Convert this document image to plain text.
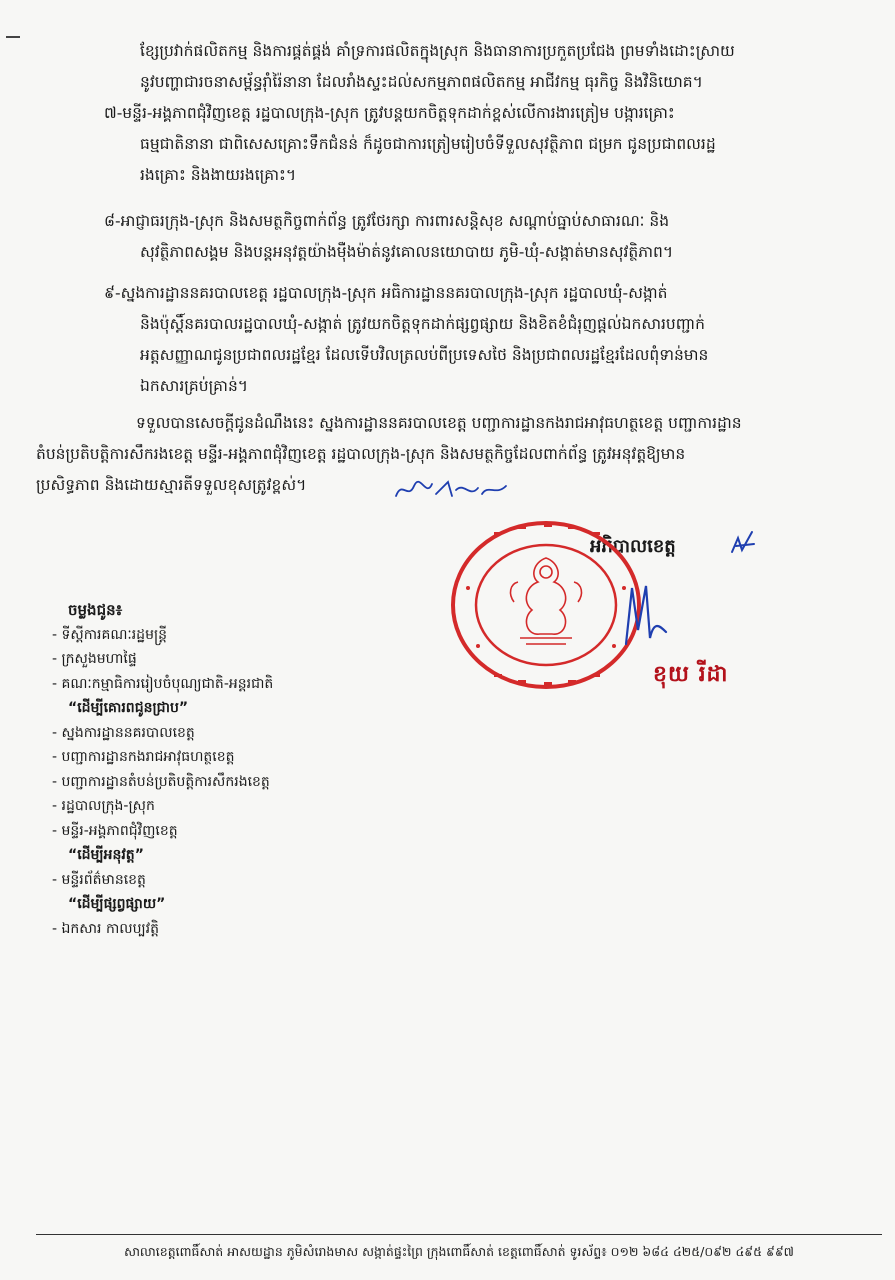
ខ្សែប្រវាក់ផលិតកម្ម និងការផ្គត់ផ្គង់ គាំទ្រការផលិតក្នុងស្រុក និងធានាការប្រកួតប្រជែង ព្រមទាំងដោះស្រាយ
នូវបញ្ហាជារចនាសម្ព័ន្ធរ៉ាំរ៉ៃនានា ដែលរាំងស្ទះដល់សកម្មភាពផលិតកម្ម អាជីវកម្ម ធុរកិច្ច និងវិនិយោគ។
៧-មន្ទីរ-អង្គភាពជុំវិញខេត្ត រដ្ឋបាលក្រុង-ស្រុក ត្រូវបន្តយកចិត្តទុកដាក់ខ្ពស់លើការងារត្រៀម បង្ការគ្រោះ
ធម្មជាតិនានា ជាពិសេសគ្រោះទឹកជំនន់ ក៏ដូចជាការត្រៀមរៀបចំទីទួលសុវត្ថិភាព ជម្រក ជូនប្រជាពលរដ្ឋ
រងគ្រោះ និងងាយរងគ្រោះ។
៨-អាជ្ញាធរក្រុង-ស្រុក និងសមត្ថកិច្ចពាក់ព័ន្ធ ត្រូវថែរក្សា ការពារសន្តិសុខ សណ្តាប់ធ្នាប់សាធារណៈ និង
សុវត្ថិភាពសង្គម និងបន្តអនុវត្តយ៉ាងម៉ឺងម៉ាត់នូវគោលនយោបាយ ភូមិ-ឃុំ-សង្កាត់មានសុវត្ថិភាព។
៩-ស្នងការដ្ឋាននគរបាលខេត្ត រដ្ឋបាលក្រុង-ស្រុក អធិការដ្ឋាននគរបាលក្រុង-ស្រុក រដ្ឋបាលឃុំ-សង្កាត់
និងប៉ុស្តិ៍នគរបាលរដ្ឋបាលឃុំ-សង្កាត់ ត្រូវយកចិត្តទុកដាក់ផ្សព្វផ្សាយ និងខិតខំជំរុញផ្តល់ឯកសារបញ្ជាក់
អត្តសញ្ញាណជូនប្រជាពលរដ្ឋខ្មែរ ដែលទើបវិលត្រលប់ពីប្រទេសថៃ និងប្រជាពលរដ្ឋខ្មែរដែលពុំទាន់មាន
ឯកសារគ្រប់គ្រាន់។
ទទួលបានសេចក្តីជូនដំណឹងនេះ ស្នងការដ្ឋាននគរបាលខេត្ត បញ្ជាការដ្ឋានកងរាជអាវុធហត្ថខេត្ត បញ្ជាការដ្ឋាន
តំបន់ប្រតិបត្តិការសឹករងខេត្ត មន្ទីរ-អង្គភាពជុំវិញខេត្ត រដ្ឋបាលក្រុង-ស្រុក និងសមត្ថកិច្ចដែលពាក់ព័ន្ធ ត្រូវអនុវត្តឱ្យមាន
ប្រសិទ្ធភាព និងដោយស្មារតីទទួលខុសត្រូវខ្ពស់។
អភិបាលខេត្ត
ខុយ រីដា
ចម្លងជូន៖
- ទីស្តីការគណៈរដ្ឋមន្ត្រី
- ក្រសួងមហាផ្ទៃ
- គណៈកម្មាធិការរៀបចំបុណ្យជាតិ-អន្តរជាតិ
“ដើម្បីគោរពជូនជ្រាប”
- ស្នងការដ្ឋាននគរបាលខេត្ត
- បញ្ជាការដ្ឋានកងរាជអាវុធហត្ថខេត្ត
- បញ្ជាការដ្ឋានតំបន់ប្រតិបត្តិការសឹករងខេត្ត
- រដ្ឋបាលក្រុង-ស្រុក
- មន្ទីរ-អង្គភាពជុំវិញខេត្ត
“ដើម្បីអនុវត្ត”
- មន្ទីរព័ត៌មានខេត្ត
“ដើម្បីផ្សព្វផ្សាយ”
- ឯកសារ កាលប្បវត្តិ
សាលាខេត្តពោធិ៍សាត់ អាសយដ្ឋាន ភូមិសំរោងមាស សង្កាត់ផ្ទះព្រៃ ក្រុងពោធិ៍សាត់ ខេត្តពោធិ៍សាត់ ទូរស័ព្ទ៖ ០១២ ៦៨៤ ៤២៥/០៩២ ៤៩៥ ៩៩៧
